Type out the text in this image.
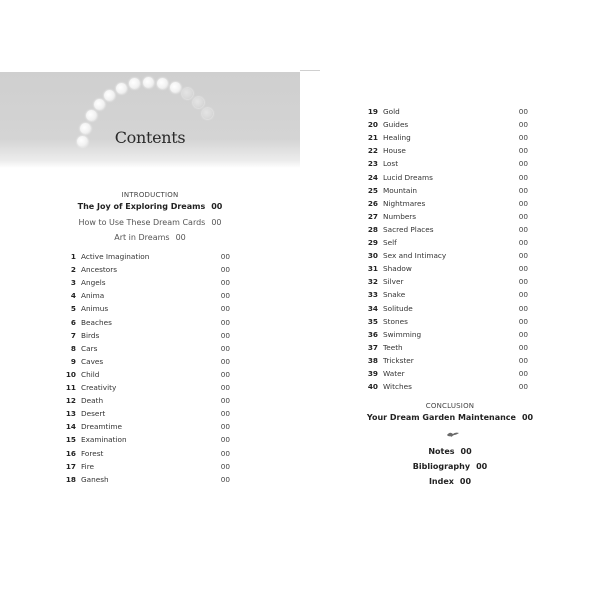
Contents
INTRODUCTION
The Joy of Exploring Dreams 00
How to Use These Dream Cards 00
Art in Dreams 00
1 Active Imagination	00
2 Ancestors	00
3 Angels	00
4 Anima	00
5 Animus	00
6 Beaches	00
7 Birds	00
8 Cars	00
9 Caves	00
10 Child	00
11 Creativity	00
12 Death	00
13 Desert	00
14 Dreamtime	00
15 Examination	00
16 Forest	00
17 Fire	00
18 Ganesh	00
19 Gold	00
20 Guides	00
21 Healing	00
22 House	00
23 Lost	00
24 Lucid Dreams	00
25 Mountain	00
26 Nightmares	00
27 Numbers	00
28 Sacred Places	00
29 Self	00
30 Sex and Intimacy	00
31 Shadow	00
32 Silver	00
33 Snake	00
34 Solitude	00
35 Stones	00
36 Swimming	00
37 Teeth	00
38 Trickster	00
39 Water	00
40 Witches	00
CONCLUSION
Your Dream Garden Maintenance 00
Notes 00
Bibliography 00
Index 00
